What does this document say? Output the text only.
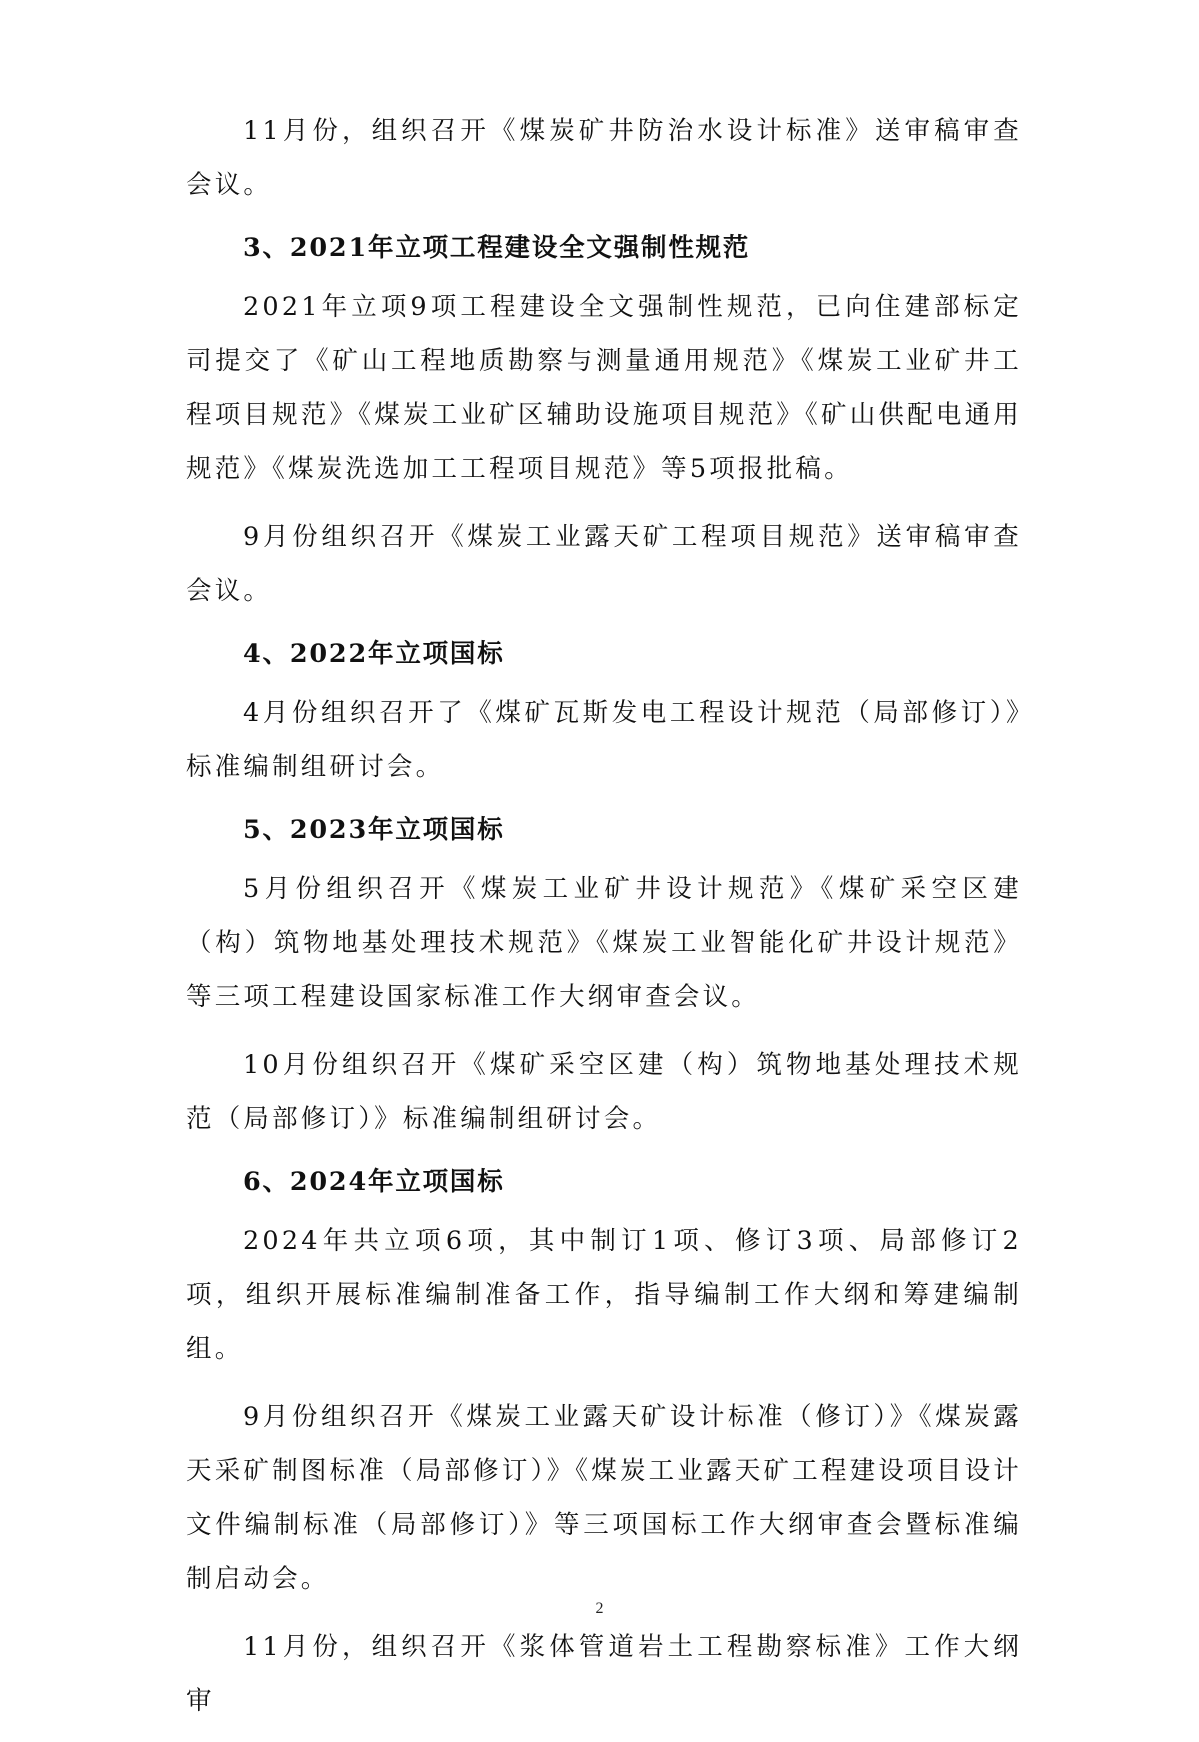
11月份，组织召开《煤炭矿井防治水设计标准》送审稿审查会议。

3、2021年立项工程建设全文强制性规范

2021年立项9项工程建设全文强制性规范，已向住建部标定司提交了《矿山工程地质勘察与测量通用规范》《煤炭工业矿井工程项目规范》《煤炭工业矿区辅助设施项目规范》《矿山供配电通用规范》《煤炭洗选加工工程项目规范》等5项报批稿。

9月份组织召开《煤炭工业露天矿工程项目规范》送审稿审查会议。

4、2022年立项国标

4月份组织召开了《煤矿瓦斯发电工程设计规范（局部修订）》标准编制组研讨会。

5、2023年立项国标

5月份组织召开《煤炭工业矿井设计规范》《煤矿采空区建（构）筑物地基处理技术规范》《煤炭工业智能化矿井设计规范》等三项工程建设国家标准工作大纲审查会议。

10月份组织召开《煤矿采空区建（构）筑物地基处理技术规范（局部修订）》标准编制组研讨会。

6、2024年立项国标

2024年共立项6项，其中制订1项、修订3项、局部修订2项，组织开展标准编制准备工作，指导编制工作大纲和筹建编制组。

9月份组织召开《煤炭工业露天矿设计标准（修订）》《煤炭露天采矿制图标准（局部修订）》《煤炭工业露天矿工程建设项目设计文件编制标准（局部修订）》等三项国标工作大纲审查会暨标准编制启动会。

11月份，组织召开《浆体管道岩土工程勘察标准》工作大纲审

2
